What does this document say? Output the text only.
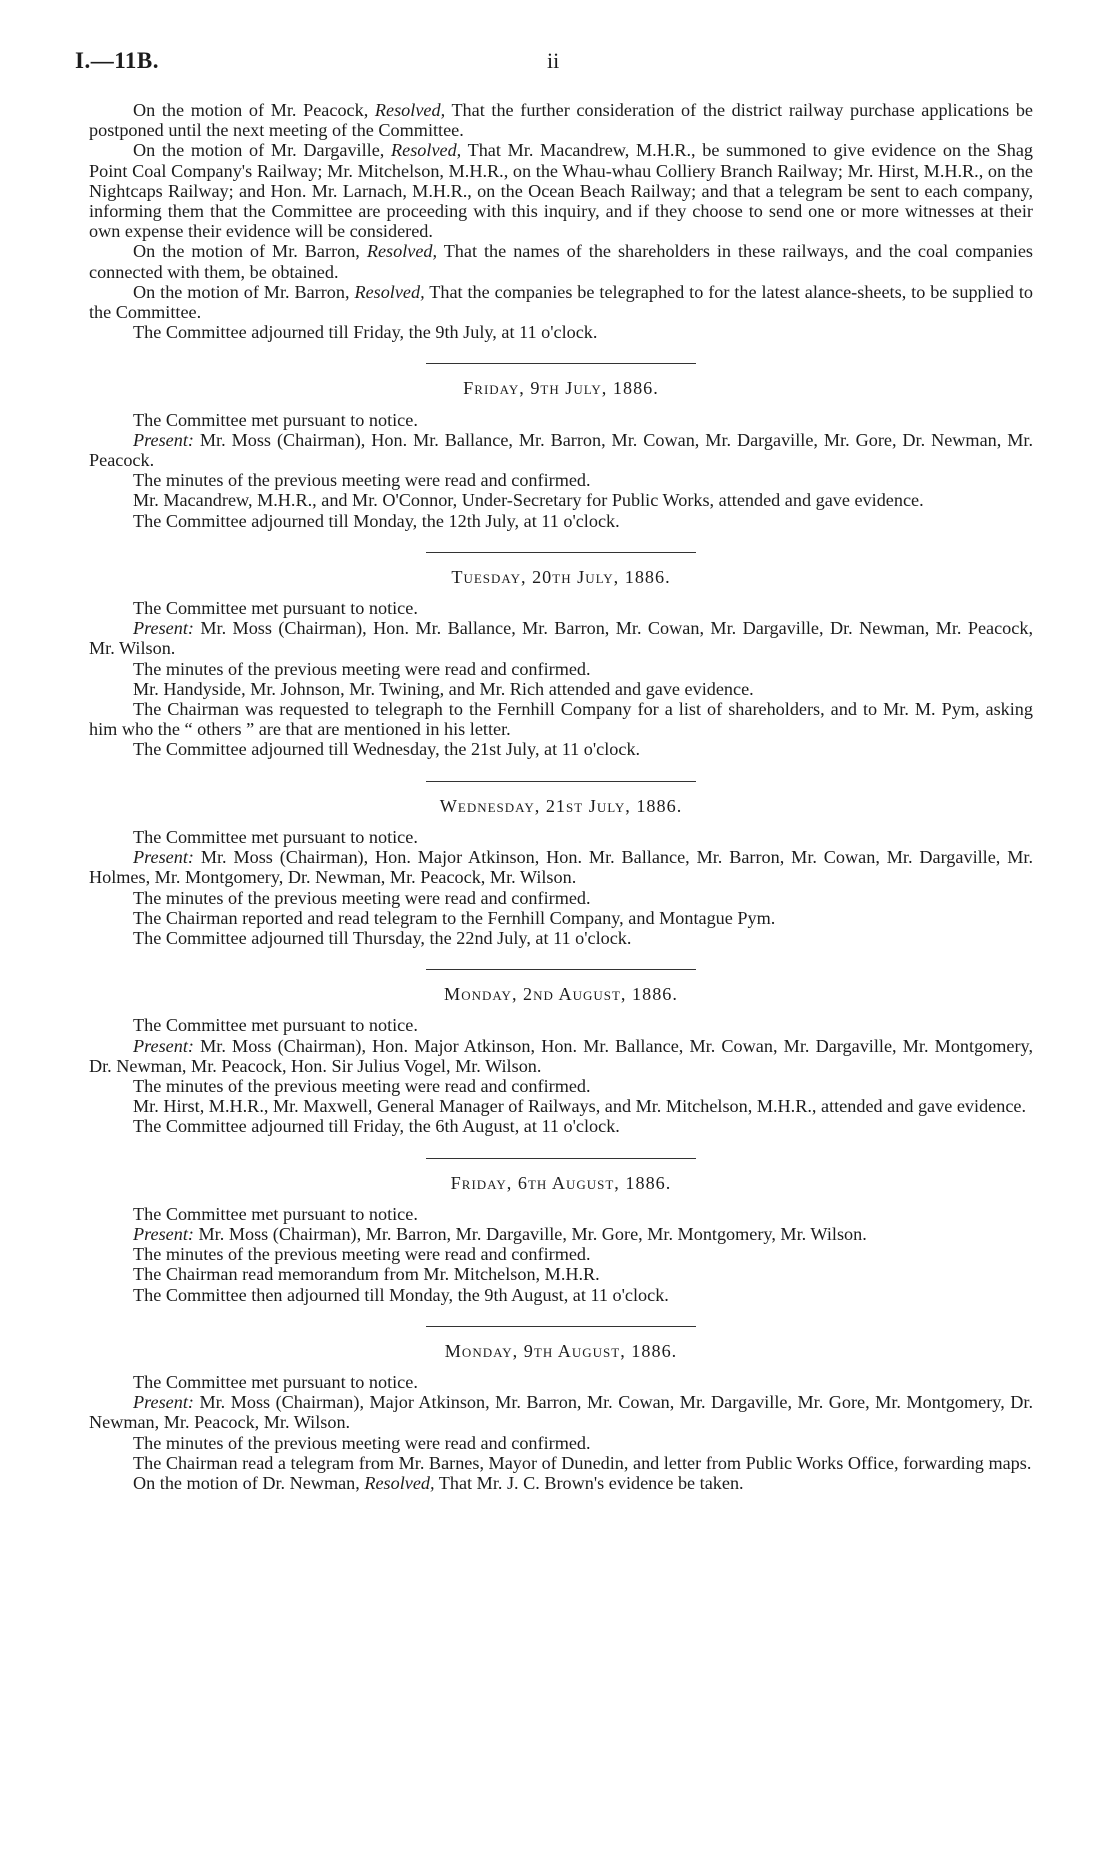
I.—11B.	ii

On the motion of Mr. Peacock, Resolved, That the further consideration of the district railway purchase applications be postponed until the next meeting of the Committee.

On the motion of Mr. Dargaville, Resolved, That Mr. Macandrew, M.H.R., be summoned to give evidence on the Shag Point Coal Company's Railway; Mr. Mitchelson, M.H.R., on the Whau-whau Colliery Branch Railway; Mr. Hirst, M.H.R., on the Nightcaps Railway; and Hon. Mr. Larnach, M.H.R., on the Ocean Beach Railway; and that a telegram be sent to each company, informing them that the Committee are proceeding with this inquiry, and if they choose to send one or more witnesses at their own expense their evidence will be considered.

On the motion of Mr. Barron, Resolved, That the names of the shareholders in these railways, and the coal companies connected with them, be obtained.

On the motion of Mr. Barron, Resolved, That the companies be telegraphed to for the latest alance-sheets, to be supplied to the Committee.

The Committee adjourned till Friday, the 9th July, at 11 o'clock.

Friday, 9th July, 1886.

The Committee met pursuant to notice.

Present: Mr. Moss (Chairman), Hon. Mr. Ballance, Mr. Barron, Mr. Cowan, Mr. Dargaville, Mr. Gore, Dr. Newman, Mr. Peacock.

The minutes of the previous meeting were read and confirmed.

Mr. Macandrew, M.H.R., and Mr. O'Connor, Under-Secretary for Public Works, attended and gave evidence.

The Committee adjourned till Monday, the 12th July, at 11 o'clock.

Tuesday, 20th July, 1886.

The Committee met pursuant to notice.

Present: Mr. Moss (Chairman), Hon. Mr. Ballance, Mr. Barron, Mr. Cowan, Mr. Dargaville, Dr. Newman, Mr. Peacock, Mr. Wilson.

The minutes of the previous meeting were read and confirmed.

Mr. Handyside, Mr. Johnson, Mr. Twining, and Mr. Rich attended and gave evidence.

The Chairman was requested to telegraph to the Fernhill Company for a list of shareholders, and to Mr. M. Pym, asking him who the “ others ” are that are mentioned in his letter.

The Committee adjourned till Wednesday, the 21st July, at 11 o'clock.

Wednesday, 21st July, 1886.

The Committee met pursuant to notice.

Present: Mr. Moss (Chairman), Hon. Major Atkinson, Hon. Mr. Ballance, Mr. Barron, Mr. Cowan, Mr. Dargaville, Mr. Holmes, Mr. Montgomery, Dr. Newman, Mr. Peacock, Mr. Wilson.

The minutes of the previous meeting were read and confirmed.

The Chairman reported and read telegram to the Fernhill Company, and Montague Pym.

The Committee adjourned till Thursday, the 22nd July, at 11 o'clock.

Monday, 2nd August, 1886.

The Committee met pursuant to notice.

Present: Mr. Moss (Chairman), Hon. Major Atkinson, Hon. Mr. Ballance, Mr. Cowan, Mr. Dargaville, Mr. Montgomery, Dr. Newman, Mr. Peacock, Hon. Sir Julius Vogel, Mr. Wilson.

The minutes of the previous meeting were read and confirmed.

Mr. Hirst, M.H.R., Mr. Maxwell, General Manager of Railways, and Mr. Mitchelson, M.H.R., attended and gave evidence.

The Committee adjourned till Friday, the 6th August, at 11 o'clock.

Friday, 6th August, 1886.

The Committee met pursuant to notice.

Present: Mr. Moss (Chairman), Mr. Barron, Mr. Dargaville, Mr. Gore, Mr. Montgomery, Mr. Wilson.

The minutes of the previous meeting were read and confirmed.

The Chairman read memorandum from Mr. Mitchelson, M.H.R.

The Committee then adjourned till Monday, the 9th August, at 11 o'clock.

Monday, 9th August, 1886.

The Committee met pursuant to notice.

Present: Mr. Moss (Chairman), Major Atkinson, Mr. Barron, Mr. Cowan, Mr. Dargaville, Mr. Gore, Mr. Montgomery, Dr. Newman, Mr. Peacock, Mr. Wilson.

The minutes of the previous meeting were read and confirmed.

The Chairman read a telegram from Mr. Barnes, Mayor of Dunedin, and letter from Public Works Office, forwarding maps.

On the motion of Dr. Newman, Resolved, That Mr. J. C. Brown's evidence be taken.
